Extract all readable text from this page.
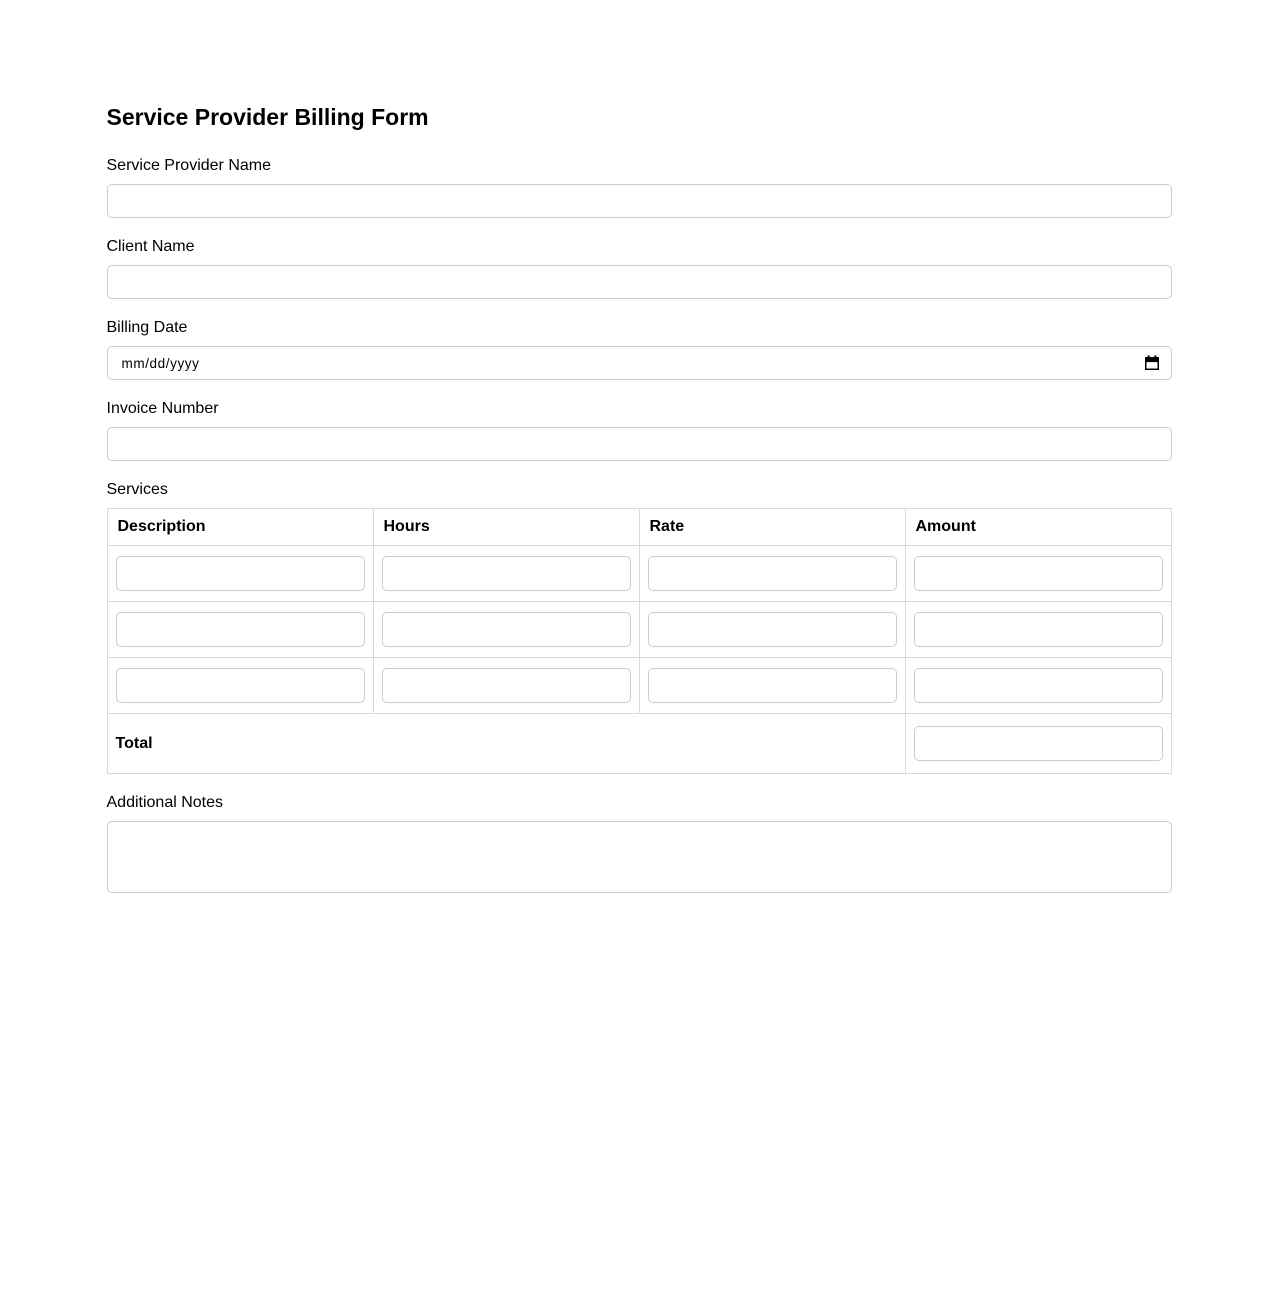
Service Provider Billing Form
Service Provider Name
Client Name
Billing Date
mm/dd/yyyy
Invoice Number
Services
Description	Hours	Rate	Amount

Total	
Additional Notes
